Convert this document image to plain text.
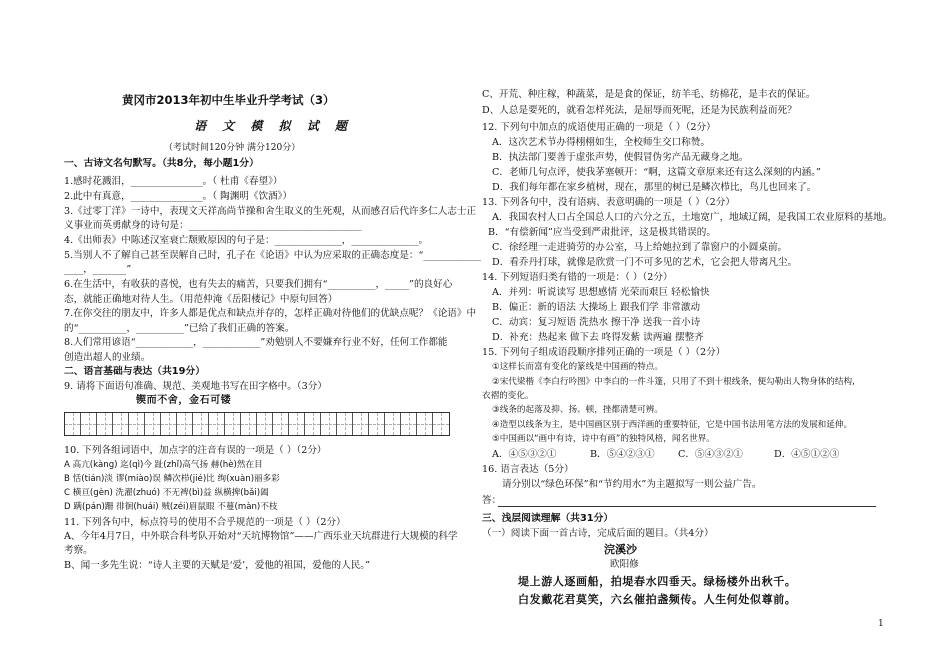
黄冈市2013年初中生毕业升学考试（3）
语 文 模 拟 试 题
（考试时间120分钟 满分120分）
一、古诗文名句默写。（共8分，每小题1分）
1.感时花溅泪，_______________。（ 杜甫《春望》）
2.此中有真意，_______________。（ 陶渊明《饮酒》）
3.《过零丁洋》一诗中，表现文天祥高尚节操和舍生取义的生死观，从而感召后代许多仁人志士正
义事业而英勇献身的诗句是：____________________________________
4.《出师表》中陈述汉室衰亡颓败原因的句子是：______________，______________。
5.当别人不了解自己甚至误解自己时，孔子在《论语》中认为应采取的正确态度是：“____________
____，_______”
6.在生活中，有收获的喜悦，也有失去的痛苦，只要我们拥有“__________，_____”的良好心
态，就能正确地对待人生。（用范仲淹《岳阳楼记》中原句回答）
7.在你交往的朋友中，许多人都是优点和缺点并存的，怎样正确对待他们的优缺点呢？《论语》中
的“__________，__________”已给了我们正确的答案。
8.人们常用谚语“____________，____________”劝勉别人不要嫌弃行业不好，任何工作都能
创造出超人的业绩。
二、语言基础与表达（共19分）
9. 请将下面语句准确、规范、美观地书写在田字格中。（3分）
锲而不舍，金石可镂
10. 下列各组词语中，加点字的注音有误的一项是（ ）（2分）
A 高亢(kàng) 迄(qì)今 趾(zhǐ)高气扬 赫(hè)然在目
B 恬(tián)淡 谬(miào)误 鳞次栉(jié)比 绚(xuàn)丽多彩
C 横亘(gèn) 洗濯(zhuó) 不无裨(bì)益 纵横捭(bǎi)阖
D 蹒(pán)跚 徘徊(huái) 贼(zéi)眉鼠眼 不蔓(màn)不枝
11. 下列各句中，标点符号的使用不合乎规范的一项是（ ）（2分）
A、今年4月7日，中外联合科考队开始对“天坑博物馆”——广西乐业天坑群进行大规模的科学
考察。
B、闻一多先生说：“诗人主要的天赋是‘爱’，爱他的祖国，爱他的人民。”
C、开荒、种庄稼，种蔬菜，是是食的保证，纺羊毛、纺棉花，是丰衣的保证。
D、人总是要死的，就看怎样死法，是屈辱而死呢，还是为民族利益而死？
12. 下列句中加点的成语使用正确的一项是（ ）（2分）
A．这次艺术节办得栩栩如生，全校师生交口称赞。
B．执法部门要善于虚张声势，使假冒伪劣产品无藏身之地。
C．老师几句点评，使我茅塞顿开：“啊，这篇文章原来还有这么深刻的内涵。”
D．我们每年都在家乡植树，现在，那里的树已是鳞次栉比，鸟儿也回来了。
13. 下列各句中，没有语病、表意明确的一项是（ ）（2分）
A．我国农村人口占全国总人口的六分之五，土地宽广，地域辽阔，是我国工农业原料的基地。
B．“有偿新闻”应当受到严肃批评，这是极其错误的。
C．徐经理一走进骑劳的办公室，马上给她拉到了靠窗户的小圆桌前。
D．看乔丹打球，就像是欣赏一门不可多见的艺术，它会把人带离凡尘。
14. 下列短语归类有错的一项是：（ ）（2分）
A．并列：听说读写 思想感情 光荣而艰巨 轻松愉快
B．偏正：新的语法 大操场上 跟我们学 非常激动
C．动宾：复习短语 洗热水 擦干净 送我一首小诗
D．补充：热起来 做下去 咚得发紫 读两遍 摆整齐
15. 下列句子组成语段顺序排列正确的一项是（ ）（2分）
①这样长而富有变化的篆线是中国画的特点。
②宋代梁楷《李白行吟图》中李白的一件斗篷，只用了不到十根线条，便勾勒出人物身体的结构,
衣褶的变化。
③线条的起落及抑、扬、顿，挫都清楚可辨。
④造型以线条为主，是中国画区别于西洋画的重要特征，它是中国书法用笔方法的发展和延伸。
⑤中国画以“画中有诗，诗中有画”的独特风格，闻名世界。
A．④⑤③②①	B．⑤④②③① C．⑤④③②①	D．④⑤①②③
16. 语言表达（5分）
请分别以“绿色环保”和“节约用水”为主题拟写一则公益广告。
答：
三、浅层阅读理解（共31分）
（一）阅读下面一首古诗，完成后面的题目。（共4分）
浣溪沙
欧阳修
堤上游人逐画船，拍堤春水四垂天。绿杨楼外出秋千。
白发戴花君莫笑，六幺催拍盏频传。人生何处似尊前。
1
